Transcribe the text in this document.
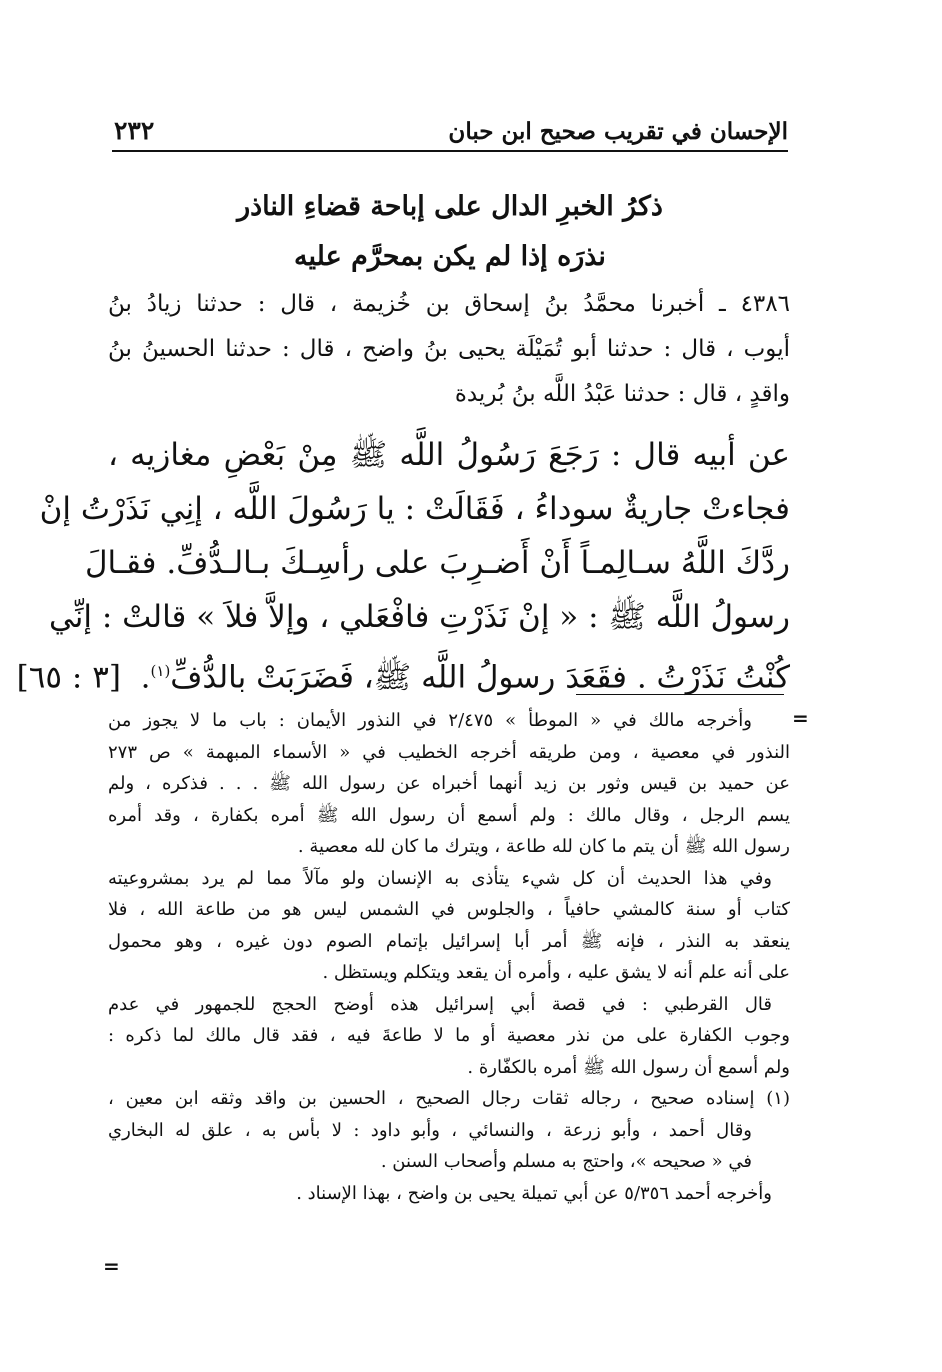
الإحسان في تقريب صحيح ابن حبان
٢٣٢
ذكرُ الخبرِ الدال على إباحة قضاءِ الناذر
نذرَه إذا لم يكن بمحرَّم عليه
٤٣٨٦ ـ أخبرنا محمَّدُ بنُ إسحاق بن خُزيمة ، قال : حدثنا زيادُ بنُ
أيوب ، قال : حدثنا أبو تُمَيْلَة يحيى بنُ واضح ، قال : حدثنا الحسينُ بنُ
واقدٍ ، قال : حدثنا عَبْدُ اللَّه بنُ بُريدة
عن أبيه قال : رَجَعَ رَسُولُ اللَّه ﷺ مِنْ بَعْضِ مغازيه ،
فجاءتْ جاريةٌ سوداءُ ، فَقَالَتْ : يا رَسُولَ اللَّه ، إنِي نَذَرْتُ إنْ
ردَّكَ اللَّهُ سـالِمـاً أَنْ أَضـرِبَ على رأسِـكَ بـالـدُّفِّ. فقـالَ
رسولُ اللَّه ﷺ : « إنْ نَذَرْتِ فافْعَلي ، وإلاَّ فلاَ » قالتْ : إنِّي
كُنْتُ نَذَرْتُ . فقَعَدَ رسولُ اللَّه ﷺ، فَضَرَبَتْ بالدُّفِّ$^{(١)}$.  [٣ : ٦٥]
=
وأخرجه مالك في « الموطأ » ٢/٤٧٥ في النذور الأيمان : باب ما لا يجوز من
النذور في معصية ، ومن طريقه أخرجه الخطيب في « الأسماء المبهمة » ص ٢٧٣
عن حميد بن قيس وثور بن زيد أنهما أخبراه عن رسول الله ﷺ . . . فذكره ، ولم
يسم الرجل ، وقال مالك : ولم أسمع أن رسول الله ﷺ أمره بكفارة ، وقد أمره
رسول الله ﷺ أن يتم ما كان لله طاعة ، ويترك ما كان لله معصية .
وفي هذا الحديث أن كل شيء يتأذى به الإنسان ولو مآلاً مما لم يرد بمشروعيته
كتاب أو سنة كالمشي حافياً ، والجلوس في الشمس ليس هو من طاعة الله ، فلا
ينعقد به النذر ، فإنه ﷺ أمر أبا إسرائيل بإتمام الصوم دون غيره ، وهو محمول
على أنه علم أنه لا يشق عليه ، وأمره أن يقعد ويتكلم ويستظل .
قال القرطبي : في قصة أبي إسرائيل هذه أوضح الحجج للجمهور في عدم
وجوب الكفارة على من نذر معصية أو ما لا طاعةَ فيه ، فقد قال مالك لما ذكره :
ولم أسمع أن رسول الله ﷺ أمره بالكفّارة .
(١) إسناده صحيح ، رجاله ثقات رجال الصحيح ، الحسين بن واقد وثقه ابن معين ،
وقال أحمد ، وأبو زرعة ، والنسائي ، وأبو داود : لا بأس به ، علق له البخاري
في « صحيحه »، واحتج به مسلم وأصحاب السنن .
وأخرجه أحمد ٥/٣٥٦ عن أبي تميلة يحيى بن واضح ، بهذا الإسناد .
=
